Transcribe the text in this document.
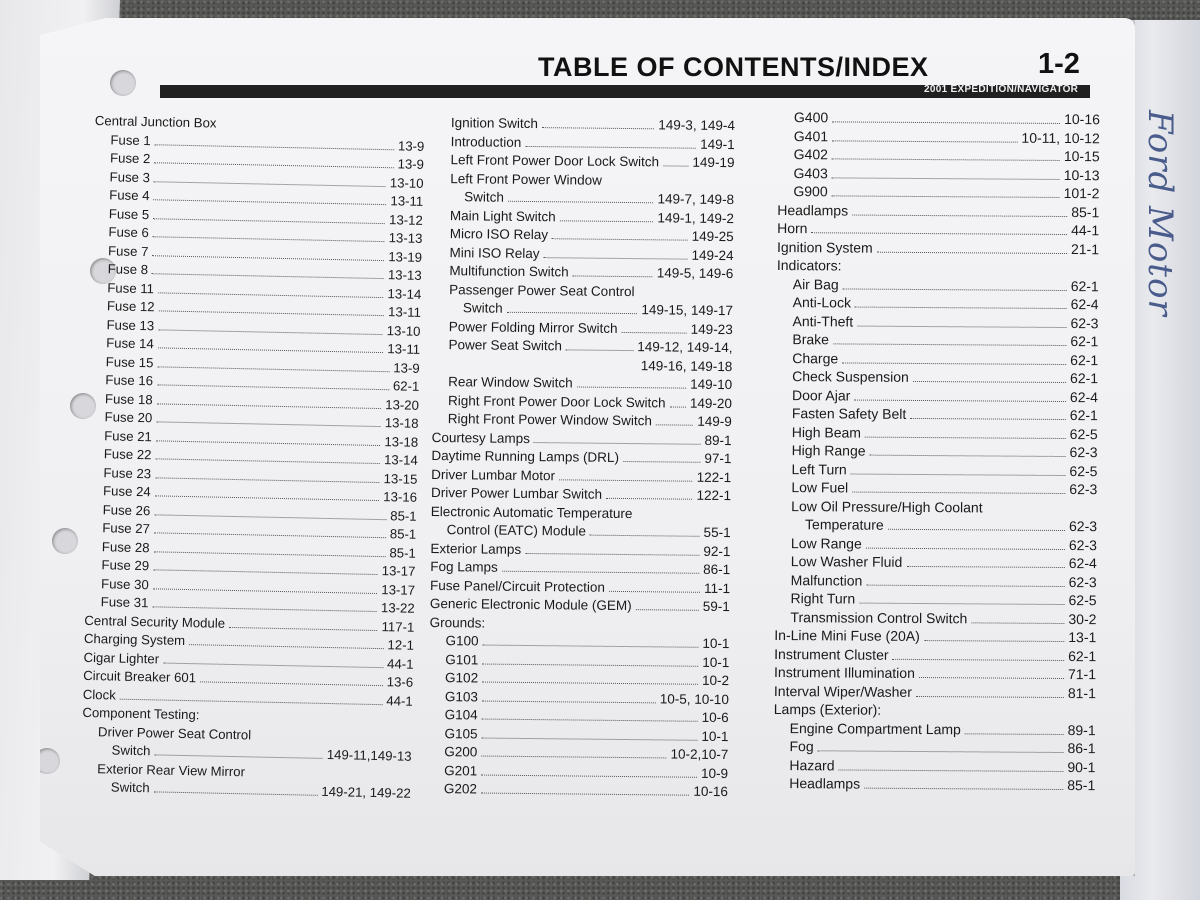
Ford Motor
TABLE OF CONTENTS/INDEX	1-2
2001 EXPEDITION/NAVIGATOR
Central Junction Box
Fuse 1	13-9
Fuse 2	13-9
Fuse 3	13-10
Fuse 4	13-11
Fuse 5	13-12
Fuse 6	13-13
Fuse 7	13-19
Fuse 8	13-13
Fuse 11	13-14
Fuse 12	13-11
Fuse 13	13-10
Fuse 14	13-11
Fuse 15	13-9
Fuse 16	62-1
Fuse 18	13-20
Fuse 20	13-18
Fuse 21	13-18
Fuse 22	13-14
Fuse 23	13-15
Fuse 24	13-16
Fuse 26	85-1
Fuse 27	85-1
Fuse 28	85-1
Fuse 29	13-17
Fuse 30	13-17
Fuse 31	13-22
Central Security Module	117-1
Charging System	12-1
Cigar Lighter	44-1
Circuit Breaker 601	13-6
Clock	44-1
Component Testing:
Driver Power Seat Control
Switch	149-11,149-13
Exterior Rear View Mirror
Switch	149-21, 149-22
Ignition Switch	149-3, 149-4
Introduction	149-1
Left Front Power Door Lock Switch 149-19
Left Front Power Window
Switch	149-7, 149-8
Main Light Switch	149-1, 149-2
Micro ISO Relay	149-25
Mini ISO Relay	149-24
Multifunction Switch	149-5, 149-6
Passenger Power Seat Control
Switch	149-15, 149-17
Power Folding Mirror Switch	149-23
Power Seat Switch	149-12, 149-14,
149-16, 149-18
Rear Window Switch	149-10
Right Front Power Door Lock Switch 149-20
Right Front Power Window Switch	149-9
Courtesy Lamps	89-1
Daytime Running Lamps (DRL)	97-1
Driver Lumbar Motor	122-1
Driver Power Lumbar Switch	122-1
Electronic Automatic Temperature
Control (EATC) Module	55-1
Exterior Lamps	92-1
Fog Lamps	86-1
Fuse Panel/Circuit Protection	11-1
Generic Electronic Module (GEM)	59-1
Grounds:
G100	10-1
G101	10-1
G102	10-2
G103	10-5, 10-10
G104	10-6
G105	10-1
G200	10-2,10-7
G201	10-9
G202	10-16
G400	10-16
G401	10-11, 10-12
G402	10-15
G403	10-13
G900	101-2
Headlamps	85-1
Horn	44-1
Ignition System	21-1
Indicators:
Air Bag	62-1
Anti-Lock	62-4
Anti-Theft	62-3
Brake	62-1
Charge	62-1
Check Suspension	62-1
Door Ajar	62-4
Fasten Safety Belt	62-1
High Beam	62-5
High Range	62-3
Left Turn	62-5
Low Fuel	62-3
Low Oil Pressure/High Coolant
Temperature	62-3
Low Range	62-3
Low Washer Fluid	62-4
Malfunction	62-3
Right Turn	62-5
Transmission Control Switch	30-2
In-Line Mini Fuse (20A)	13-1
Instrument Cluster	62-1
Instrument Illumination	71-1
Interval Wiper/Washer	81-1
Lamps (Exterior):
Engine Compartment Lamp	89-1
Fog	86-1
Hazard	90-1
Headlamps	85-1
